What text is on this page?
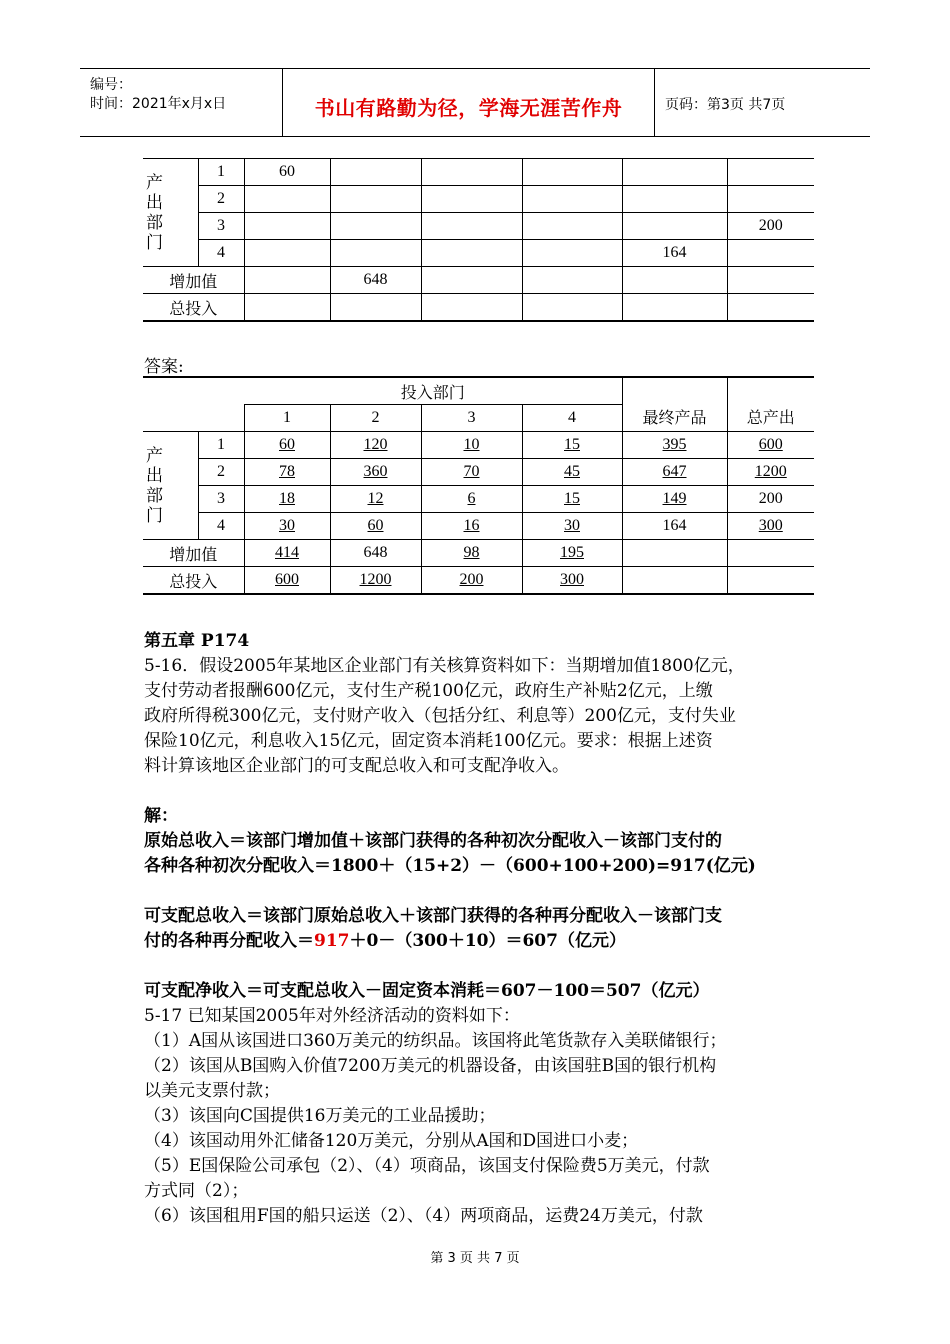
编号：
时间：2021年x月x日	书山有路勤为径，学海无涯苦作舟	页码：第3页 共7页
产
出
部
门	1	60					
	2						
	3						200
	4					164	
增加值			648				
总投入							
答案:
		投入部门				最终产品	总产出
		1	2	3	4		
产
出
部
门	1	60	120	10	15	395	600
	2	78	360	70	45	647	1200
	3	18	12	6	15	149	200
	4	30	60	16	30	164	300
增加值		414	648	98	195		
总投入		600	1200	200	300		
第五章 P174
5-16．假设2005年某地区企业部门有关核算资料如下：当期增加值1800亿元，
支付劳动者报酬600亿元，支付生产税100亿元，政府生产补贴2亿元，上缴
政府所得税300亿元，支付财产收入（包括分红、利息等）200亿元，支付失业
保险10亿元，利息收入15亿元，固定资本消耗100亿元。要求：根据上述资
料计算该地区企业部门的可支配总收入和可支配净收入。
解：
原始总收入＝该部门增加值＋该部门获得的各种初次分配收入－该部门支付的
各种各种初次分配收入＝1800＋（15+2）－（600+100+200)=917(亿元)
可支配总收入＝该部门原始总收入＋该部门获得的各种再分配收入－该部门支
付的各种再分配收入＝917＋0－（300＋10）＝607（亿元）
可支配净收入＝可支配总收入－固定资本消耗＝607－100＝507（亿元）
5-17 已知某国2005年对外经济活动的资料如下：
（1）A国从该国进口360万美元的纺织品。该国将此笔货款存入美联储银行；
（2）该国从B国购入价值7200万美元的机器设备，由该国驻B国的银行机构
以美元支票付款；
（3）该国向C国提供16万美元的工业品援助；
（4）该国动用外汇储备120万美元，分别从A国和D国进口小麦；
（5）E国保险公司承包（2）、（4）项商品，该国支付保险费5万美元，付款
方式同（2）；
（6）该国租用F国的船只运送（2）、（4）两项商品，运费24万美元，付款
第 3 页 共 7 页
